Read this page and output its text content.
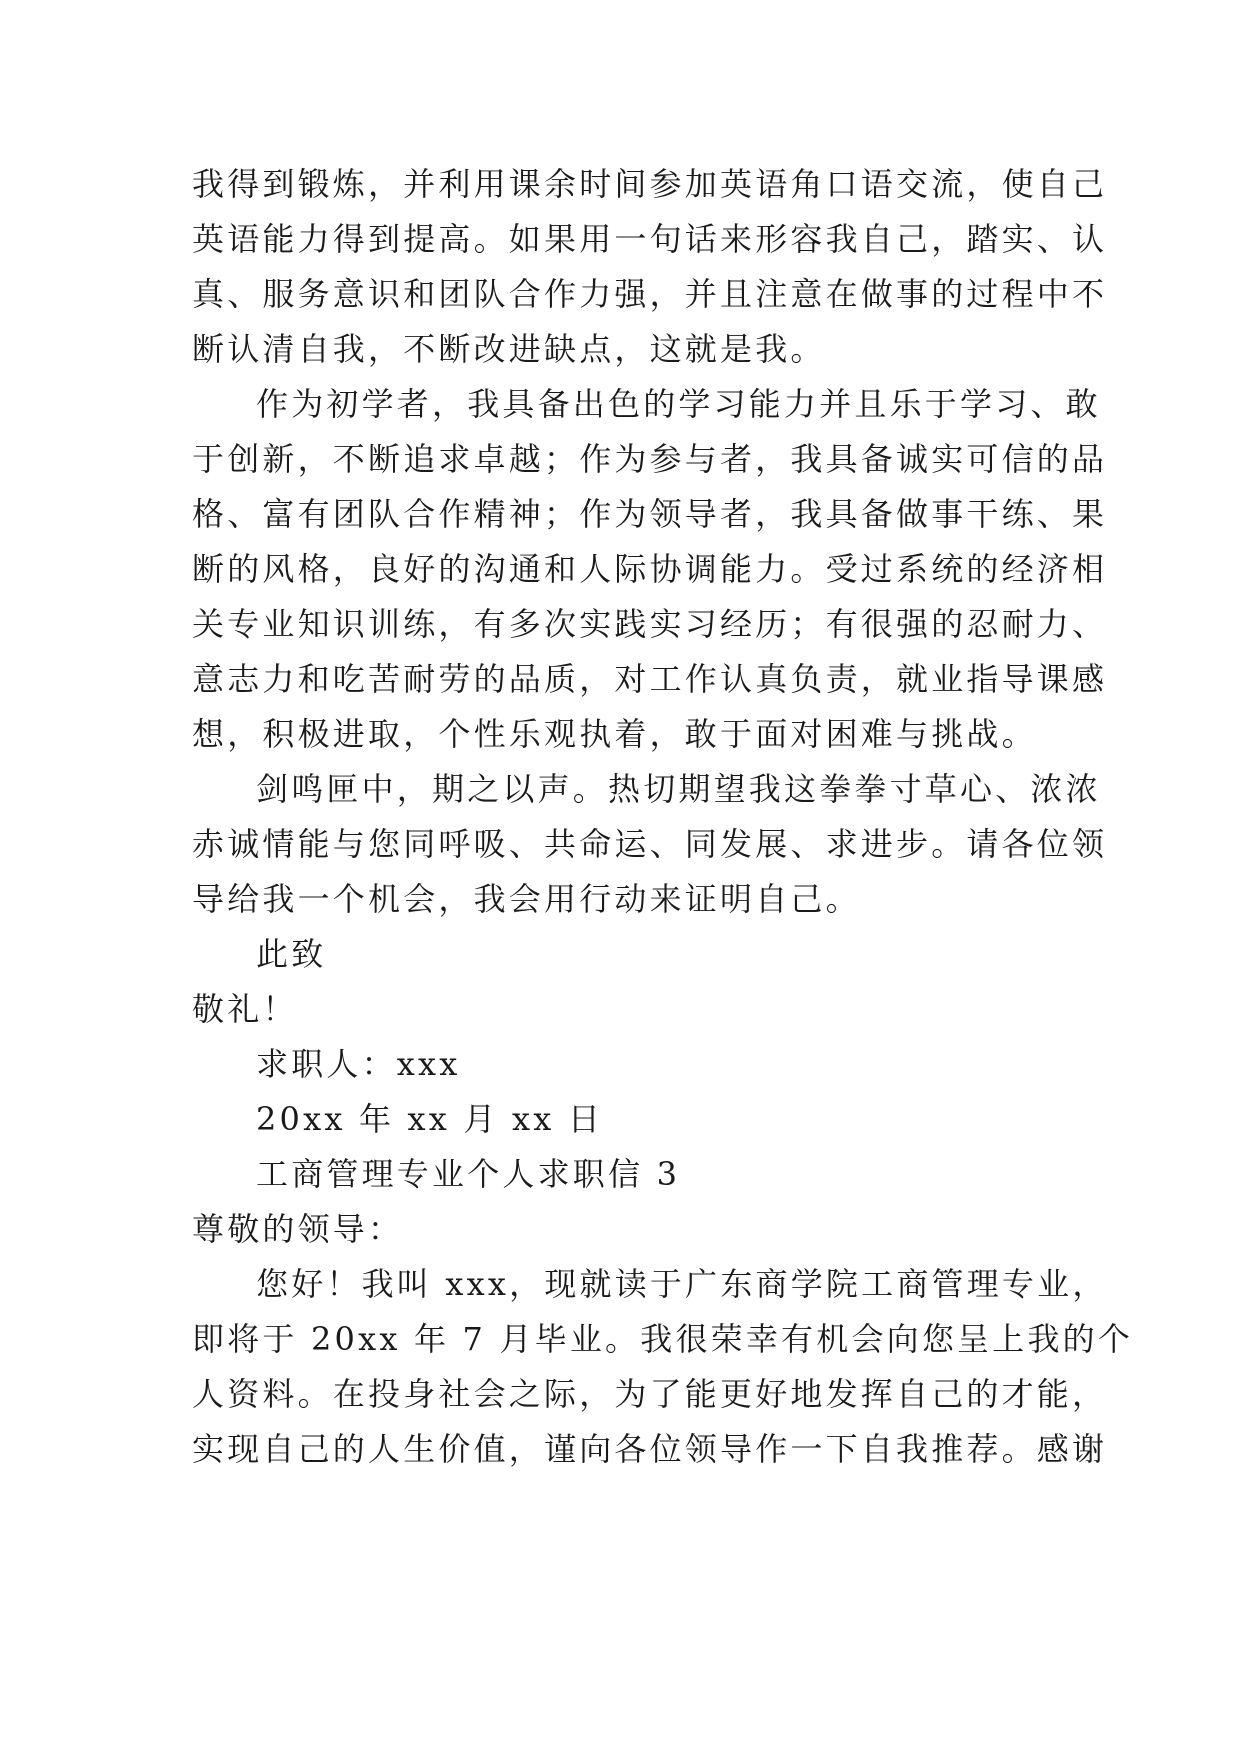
我得到锻炼，并利用课余时间参加英语角口语交流，使自己
英语能力得到提高。如果用一句话来形容我自己，踏实、认
真、服务意识和团队合作力强，并且注意在做事的过程中不
断认清自我，不断改进缺点，这就是我。
作为初学者，我具备出色的学习能力并且乐于学习、敢
于创新，不断追求卓越；作为参与者，我具备诚实可信的品
格、富有团队合作精神；作为领导者，我具备做事干练、果
断的风格，良好的沟通和人际协调能力。受过系统的经济相
关专业知识训练，有多次实践实习经历；有很强的忍耐力、
意志力和吃苦耐劳的品质，对工作认真负责，就业指导课感
想，积极进取，个性乐观执着，敢于面对困难与挑战。
剑鸣匣中，期之以声。热切期望我这拳拳寸草心、浓浓
赤诚情能与您同呼吸、共命运、同发展、求进步。请各位领
导给我一个机会，我会用行动来证明自己。
此致
敬礼！
求职人：xxx
20xx 年 xx 月 xx 日
工商管理专业个人求职信 3
尊敬的领导：
您好！我叫 xxx，现就读于广东商学院工商管理专业，
即将于 20xx 年 7 月毕业。我很荣幸有机会向您呈上我的个
人资料。在投身社会之际，为了能更好地发挥自己的才能，
实现自己的人生价值，谨向各位领导作一下自我推荐。感谢
